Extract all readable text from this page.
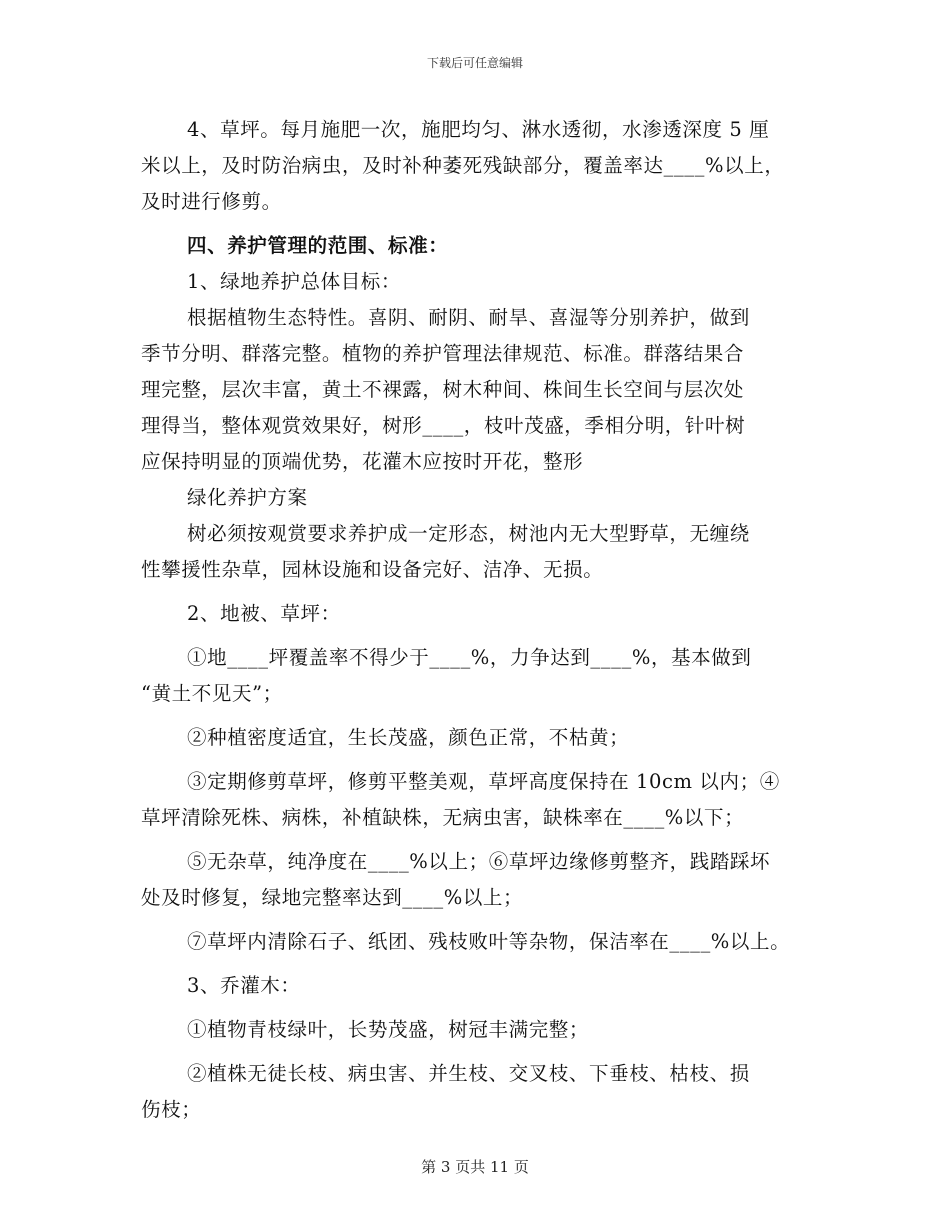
下载后可任意编辑
4、草坪。每月施肥一次，施肥均匀、淋水透彻，水渗透深度 5 厘
米以上，及时防治病虫，及时补种萎死残缺部分，覆盖率达____%以上，
及时进行修剪。
四、养护管理的范围、标准：
1、绿地养护总体目标：
根据植物生态特性。喜阴、耐阴、耐旱、喜湿等分别养护，做到
季节分明、群落完整。植物的养护管理法律规范、标准。群落结果合
理完整，层次丰富，黄土不裸露，树木种间、株间生长空间与层次处
理得当，整体观赏效果好，树形____，枝叶茂盛，季相分明，针叶树
应保持明显的顶端优势，花灌木应按时开花，整形
绿化养护方案
树必须按观赏要求养护成一定形态，树池内无大型野草，无缠绕
性攀援性杂草，园林设施和设备完好、洁净、无损。
2、地被、草坪：
①地____坪覆盖率不得少于____%，力争达到____%，基本做到
“黄土不见天”；
②种植密度适宜，生长茂盛，颜色正常，不枯黄；
③定期修剪草坪，修剪平整美观，草坪高度保持在 10cm 以内；④
草坪清除死株、病株，补植缺株，无病虫害，缺株率在____%以下；
⑤无杂草，纯净度在____%以上；⑥草坪边缘修剪整齐，践踏踩坏
处及时修复，绿地完整率达到____%以上；
⑦草坪内清除石子、纸团、残枝败叶等杂物，保洁率在____%以上。
3、乔灌木：
①植物青枝绿叶，长势茂盛，树冠丰满完整；
②植株无徒长枝、病虫害、并生枝、交叉枝、下垂枝、枯枝、损
伤枝；
第 3 页共 11 页
